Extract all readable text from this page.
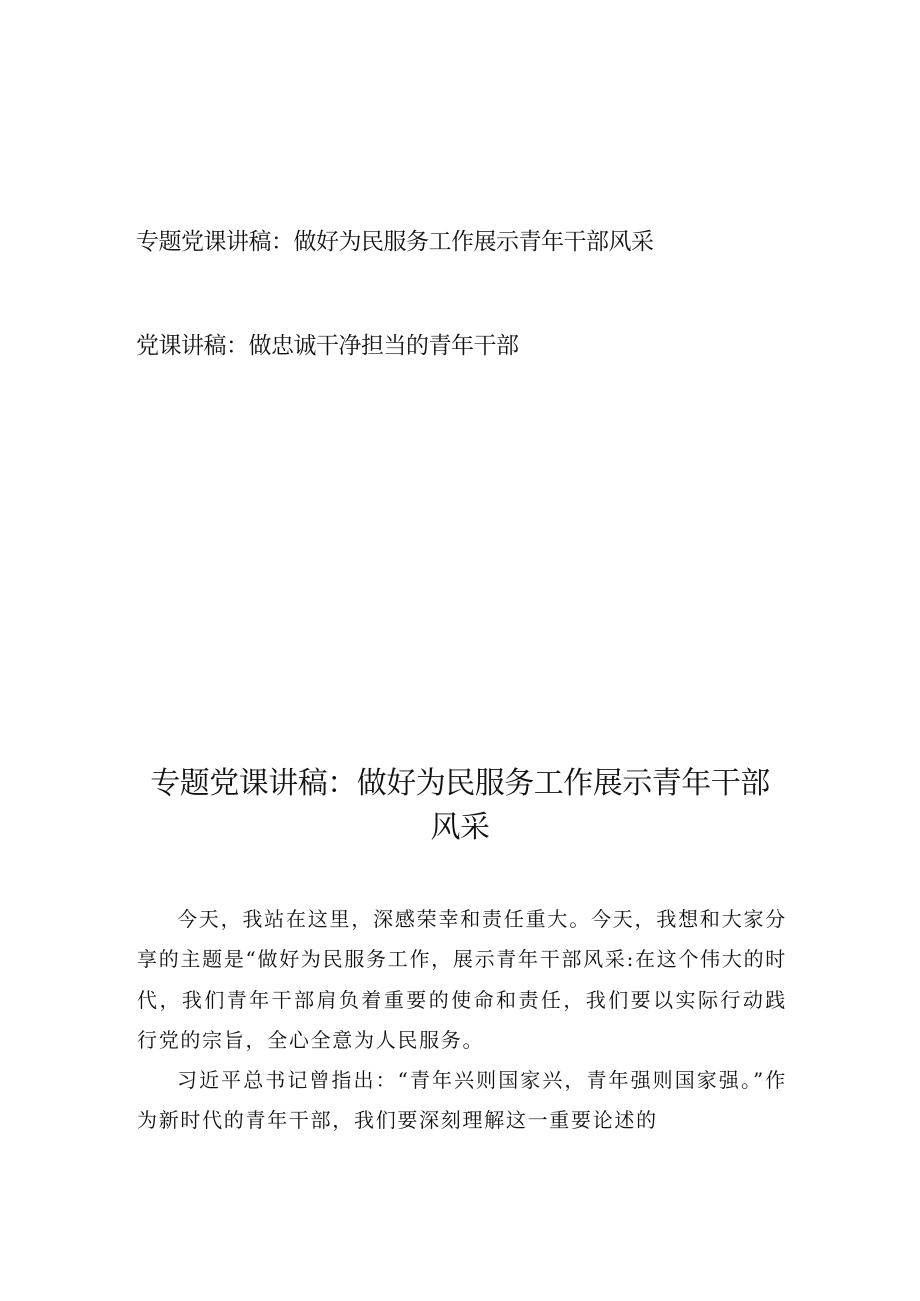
专题党课讲稿：做好为民服务工作展示青年干部风采
党课讲稿：做忠诚干净担当的青年干部
专题党课讲稿：做好为民服务工作展示青年干部风采

今天，我站在这里，深感荣幸和责任重大。今天，我想和大家分享的主题是“做好为民服务工作，展示青年干部风采:在这个伟大的时代，我们青年干部肩负着重要的使命和责任，我们要以实际行动践行党的宗旨，全心全意为人民服务。

习近平总书记曾指出：“青年兴则国家兴，青年强则国家强。”作为新时代的青年干部，我们要深刻理解这一重要论述的
